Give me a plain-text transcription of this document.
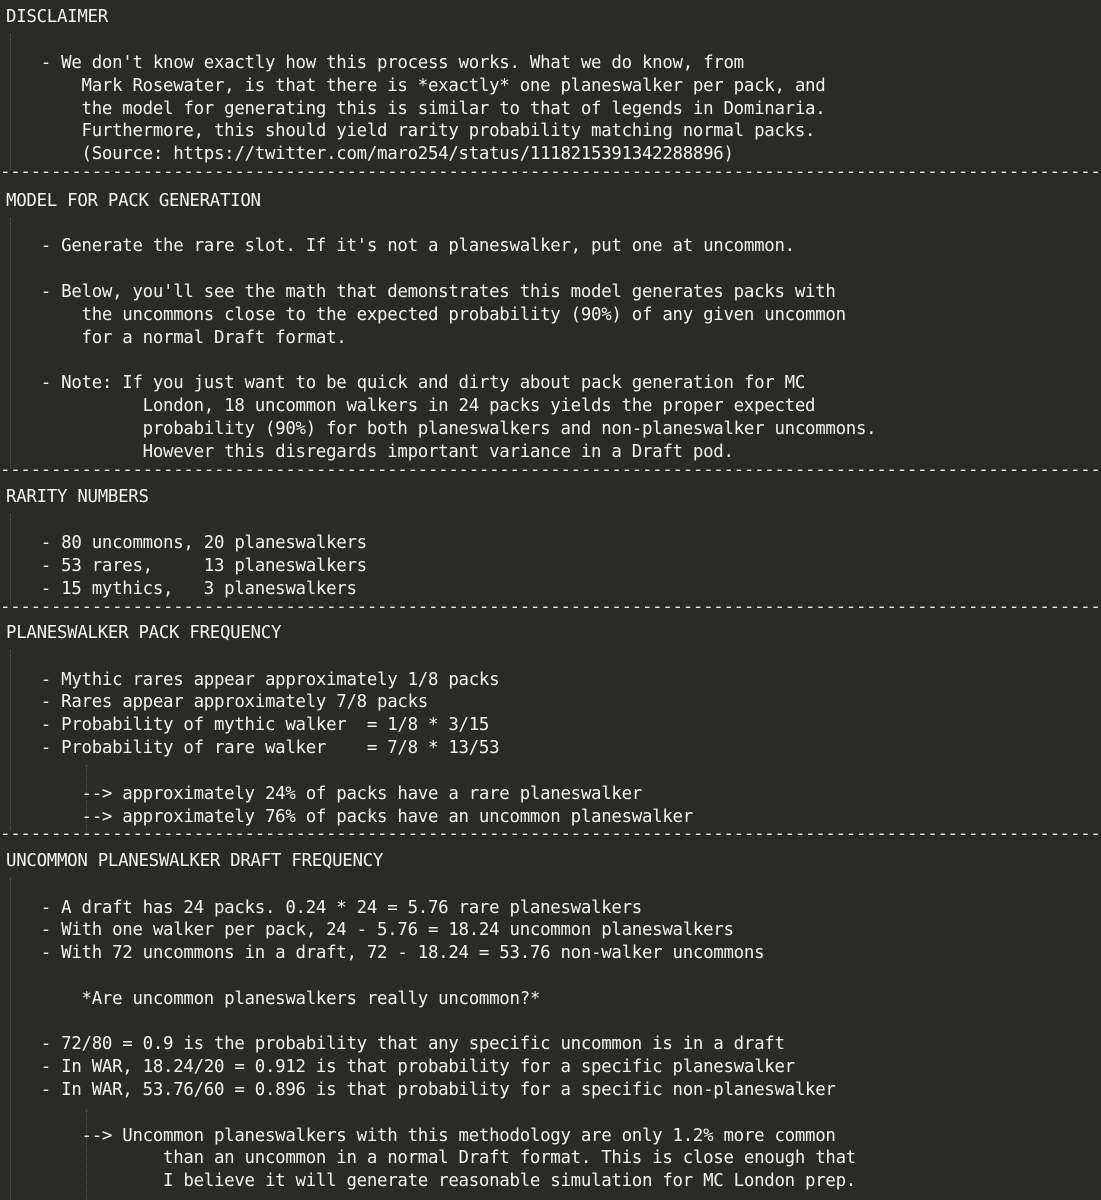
DISCLAIMER
- We don't know exactly how this process works. What we do know, from
Mark Rosewater, is that there is *exactly* one planeswalker per pack, and
the model for generating this is similar to that of legends in Dominaria.
Furthermore, this should yield rarity probability matching normal packs.
(Source: https://twitter.com/maro254/status/1118215391342288896)
------------------------------------------------------------------------------------------------------------
MODEL FOR PACK GENERATION
- Generate the rare slot. If it's not a planeswalker, put one at uncommon.
- Below, you'll see the math that demonstrates this model generates packs with
the uncommons close to the expected probability (90%) of any given uncommon
for a normal Draft format.
- Note: If you just want to be quick and dirty about pack generation for MC
London, 18 uncommon walkers in 24 packs yields the proper expected
probability (90%) for both planeswalkers and non-planeswalker uncommons.
However this disregards important variance in a Draft pod.
------------------------------------------------------------------------------------------------------------
RARITY NUMBERS
- 80 uncommons, 20 planeswalkers
- 53 rares,     13 planeswalkers
- 15 mythics,   3 planeswalkers
------------------------------------------------------------------------------------------------------------
PLANESWALKER PACK FREQUENCY
- Mythic rares appear approximately 1/8 packs
- Rares appear approximately 7/8 packs
- Probability of mythic walker  = 1/8 * 3/15
- Probability of rare walker    = 7/8 * 13/53
--> approximately 24% of packs have a rare planeswalker
--> approximately 76% of packs have an uncommon planeswalker
------------------------------------------------------------------------------------------------------------
UNCOMMON PLANESWALKER DRAFT FREQUENCY
- A draft has 24 packs. 0.24 * 24 = 5.76 rare planeswalkers
- With one walker per pack, 24 - 5.76 = 18.24 uncommon planeswalkers
- With 72 uncommons in a draft, 72 - 18.24 = 53.76 non-walker uncommons
*Are uncommon planeswalkers really uncommon?*
- 72/80 = 0.9 is the probability that any specific uncommon is in a draft
- In WAR, 18.24/20 = 0.912 is that probability for a specific planeswalker
- In WAR, 53.76/60 = 0.896 is that probability for a specific non-planeswalker
--> Uncommon planeswalkers with this methodology are only 1.2% more common
than an uncommon in a normal Draft format. This is close enough that
I believe it will generate reasonable simulation for MC London prep.
